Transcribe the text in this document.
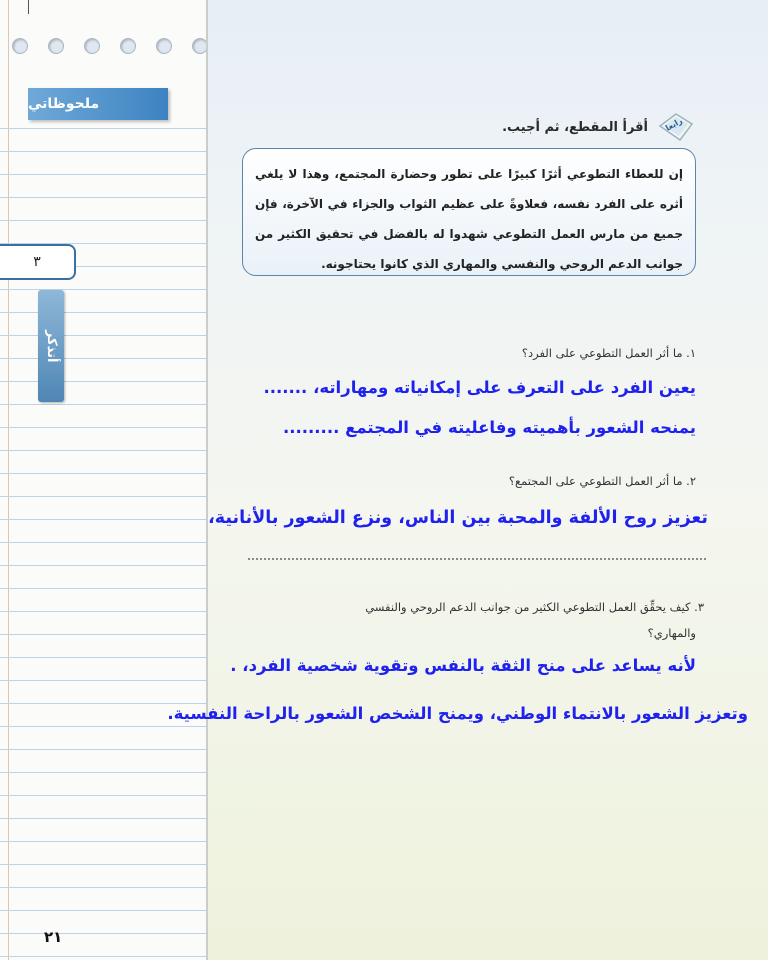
ملحوظاتي
٣
أتذكر
٢١
رابعا
أقرأ المقطع، ثم أجيب.
إن للعطاء التطوعي أثرًا كبيرًا على تطور وحضارة المجتمع، وهذا لا يلغي أثره على الفرد نفسه، فعلاوةً على عظيم الثواب والجزاء في الآخرة، فإن جميع من مارس العمل التطوعي شهدوا له بالفضل في تحقيق الكثير من جوانب الدعم الروحي والنفسي والمهاري الذي كانوا يحتاجونه.
١. ما أثر العمل التطوعي على الفرد؟
يعين الفرد على التعرف على إمكانياته ومهاراته، .......
يمنحه الشعور بأهميته وفاعليته في المجتمع .........
٢. ما أثر العمل التطوعي على المجتمع؟
تعزيز روح الألفة والمحبة بين الناس، ونزع الشعور بالأنانية،
٣. كيف يحقِّق العمل التطوعي الكثير من جوانب الدعم الروحي والنفسي
والمهاري؟
لأنه يساعد على منح الثقة بالنفس وتقوية شخصية الفرد، .
وتعزيز الشعور بالانتماء الوطني، ويمنح الشخص الشعور بالراحة النفسية.
